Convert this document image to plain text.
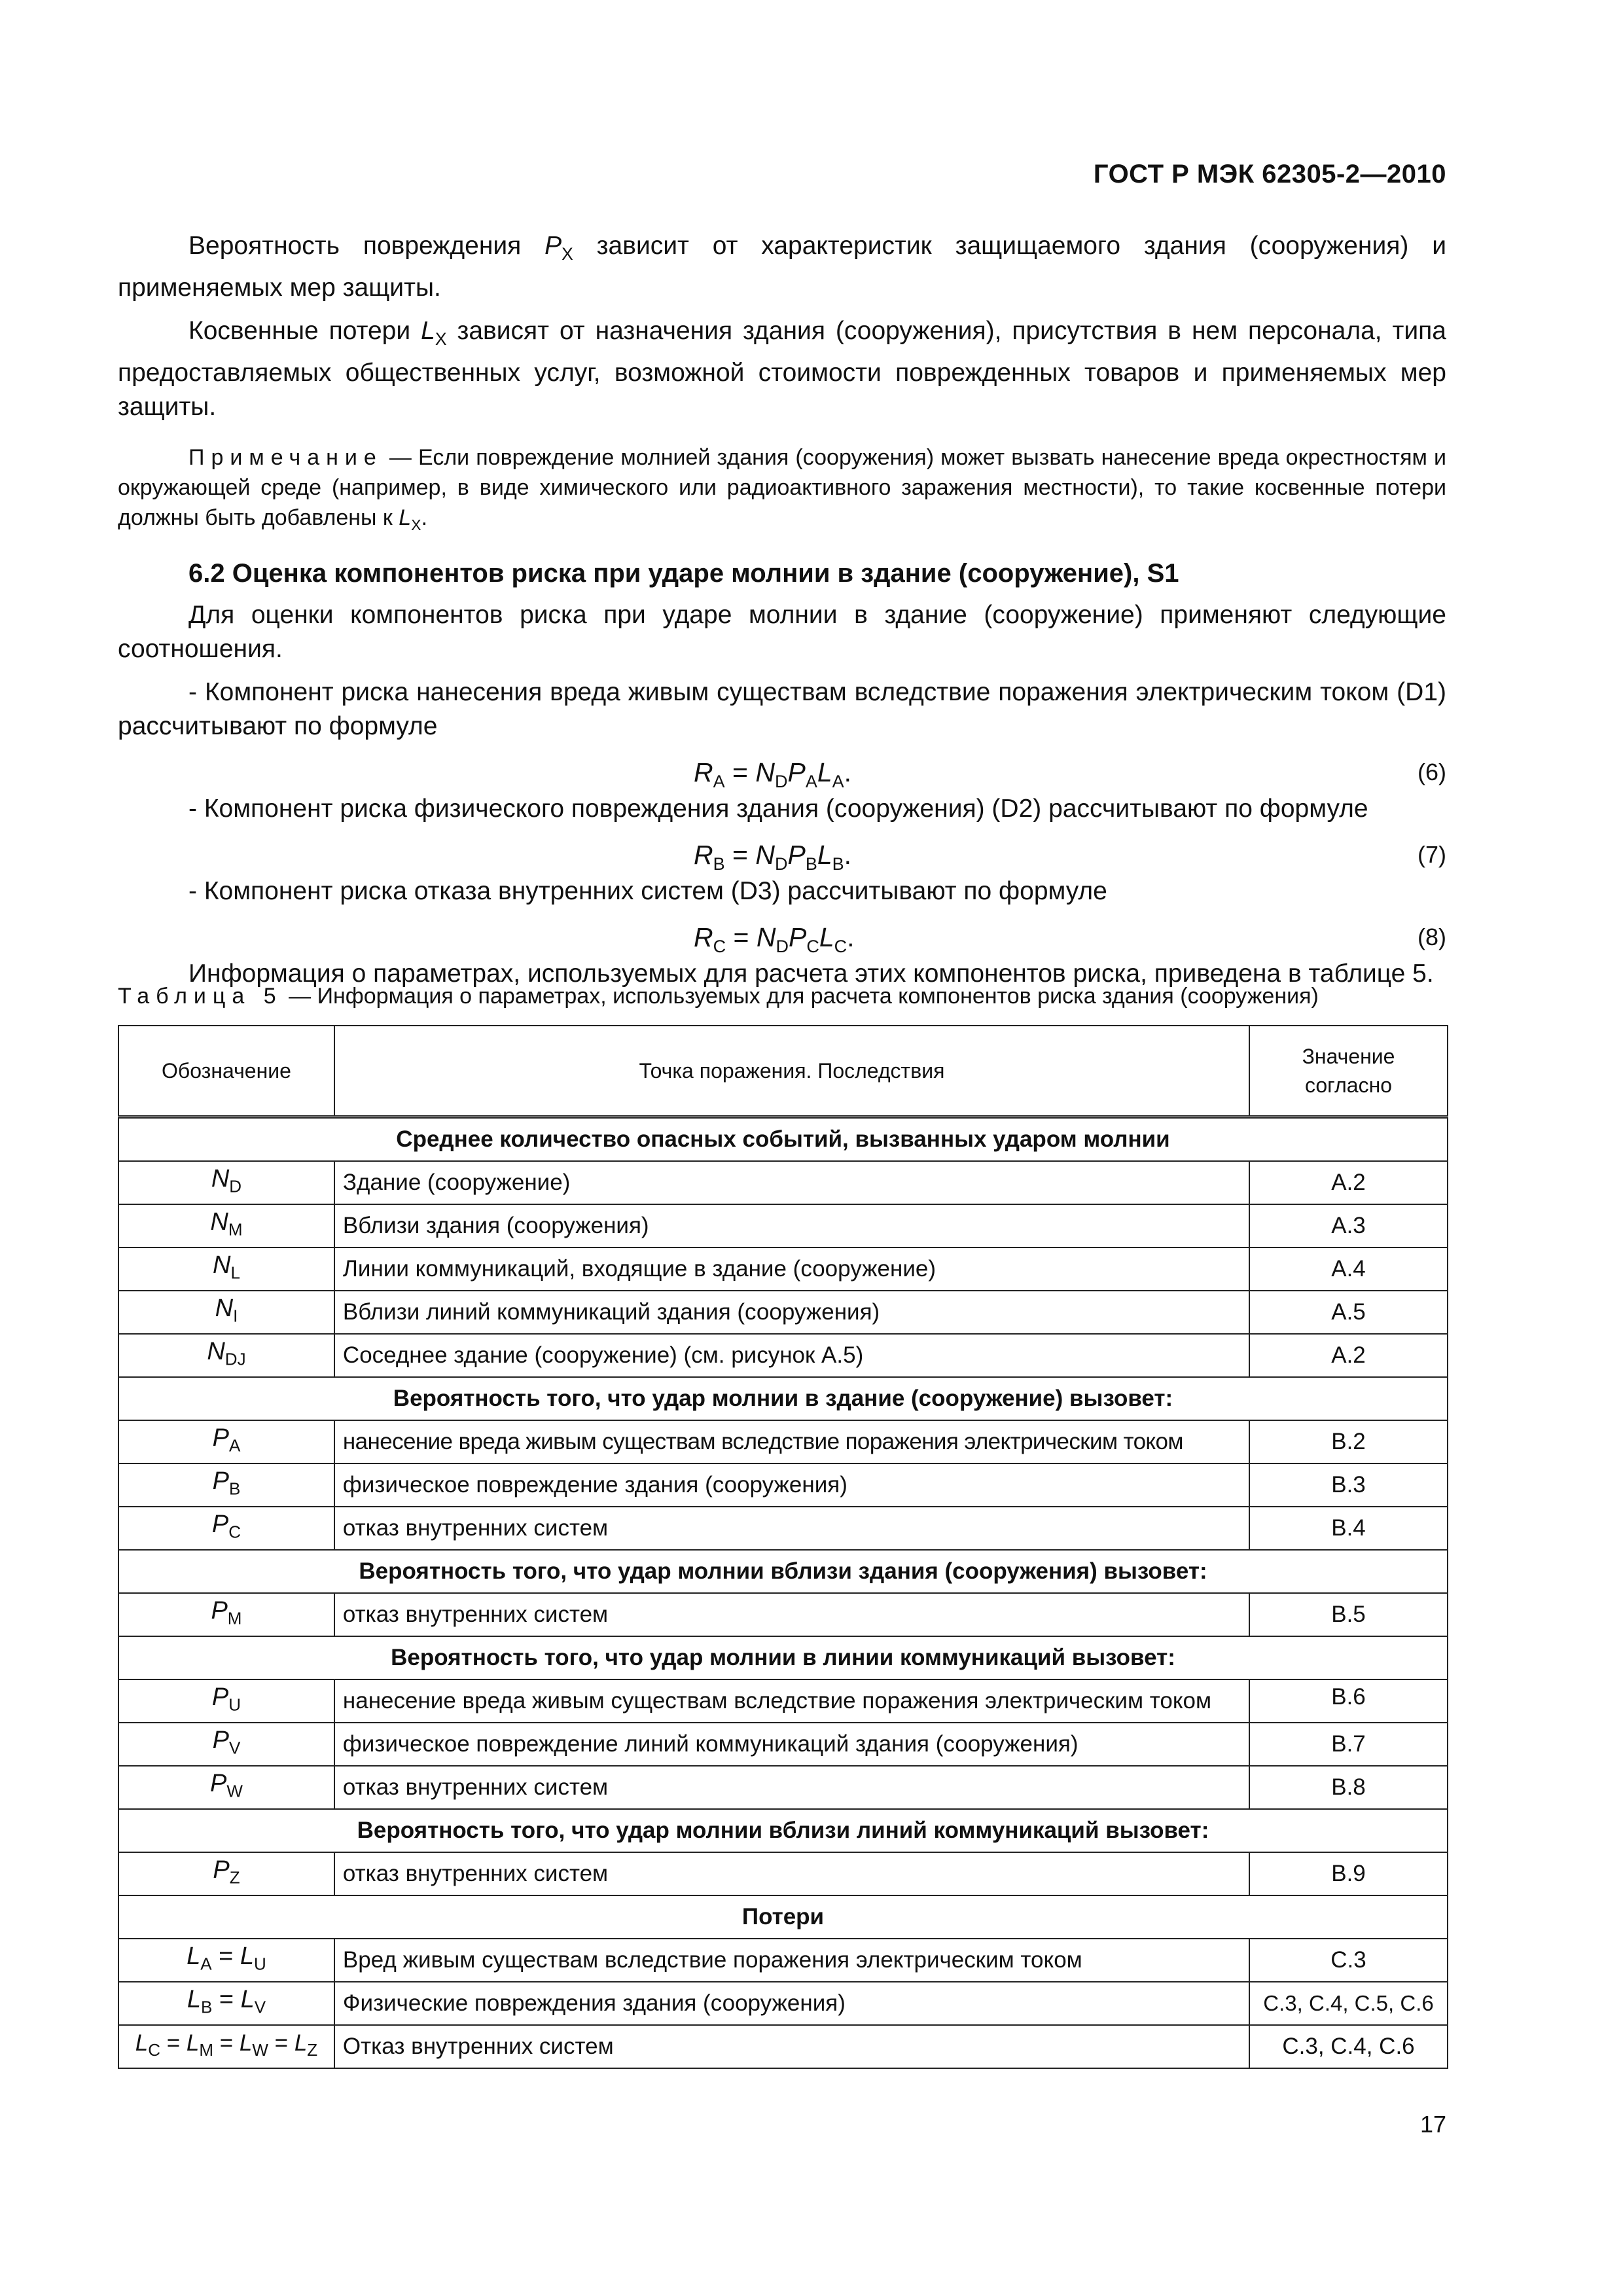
ГОСТ Р МЭК 62305-2—2010

Вероятность повреждения $P_X$ зависит от характеристик защищаемого здания (сооружения) и применяемых мер защиты.

Косвенные потери $L_X$ зависят от назначения здания (сооружения), присутствия в нем персонала, типа предоставляемых общественных услуг, возможной стоимости поврежденных товаров и применяемых мер защиты.

Примечание — Если повреждение молнией здания (сооружения) может вызвать нанесение вреда окрестностям и окружающей среде (например, в виде химического или радиоактивного заражения местности), то такие косвенные потери должны быть добавлены к $L_X$.

6.2 Оценка компонентов риска при ударе молнии в здание (сооружение), S1

Для оценки компонентов риска при ударе молнии в здание (сооружение) применяют следующие соотношения.

- Компонент риска нанесения вреда живым существам вследствие поражения электрическим током (D1) рассчитывают по формуле

$R_A = N_DP_AL_A$.	(6)

- Компонент риска физического повреждения здания (сооружения) (D2) рассчитывают по формуле

$R_B = N_DP_BL_B$.	(7)

- Компонент риска отказа внутренних систем (D3) рассчитывают по формуле

$R_C = N_DP_CL_C$.	(8)

Информация о параметрах, используемых для расчета этих компонентов риска, приведена в таблице 5.

Таблица 5 — Информация о параметрах, используемых для расчета компонентов риска здания (сооружения)
Обозначение	Точка поражения. Последствия	Значение
согласно
Среднее количество опасных событий, вызванных ударом молнии		
$N_D$	Здание (сооружение)	A.2
$N_M$	Вблизи здания (сооружения)	A.3
$N_L$	Линии коммуникаций, входящие в здание (сооружение)	A.4
$N_I$	Вблизи линий коммуникаций здания (сооружения)	A.5
$N_{DJ}$	Соседнее здание (сооружение) (см. рисунок А.5)	A.2
Вероятность того, что удар молнии в здание (сооружение) вызовет:		
$P_A$	нанесение вреда живым существам вследствие поражения электрическим током	B.2
$P_B$	физическое повреждение здания (сооружения)	B.3
$P_C$	отказ внутренних систем	B.4
Вероятность того, что удар молнии вблизи здания (сооружения) вызовет:		
$P_M$	отказ внутренних систем	B.5
Вероятность того, что удар молнии в линии коммуникаций вызовет:		
$P_U$	нанесение вреда живым существам вследствие поражения электрическим током	B.6
$P_V$	физическое повреждение линий коммуникаций здания (сооружения)	B.7
$P_W$	отказ внутренних систем	B.8
Вероятность того, что удар молнии вблизи линий коммуникаций вызовет:		
$P_Z$	отказ внутренних систем	B.9
Потери		
$L_A = L_U$	Вред живым существам вследствие поражения электрическим током	C.3
$L_B = L_V$	Физические повреждения здания (сооружения)	C.3, C.4, C.5, C.6
$L_C = L_M = L_W = L_Z$	Отказ внутренних систем	C.3, C.4, C.6
17
